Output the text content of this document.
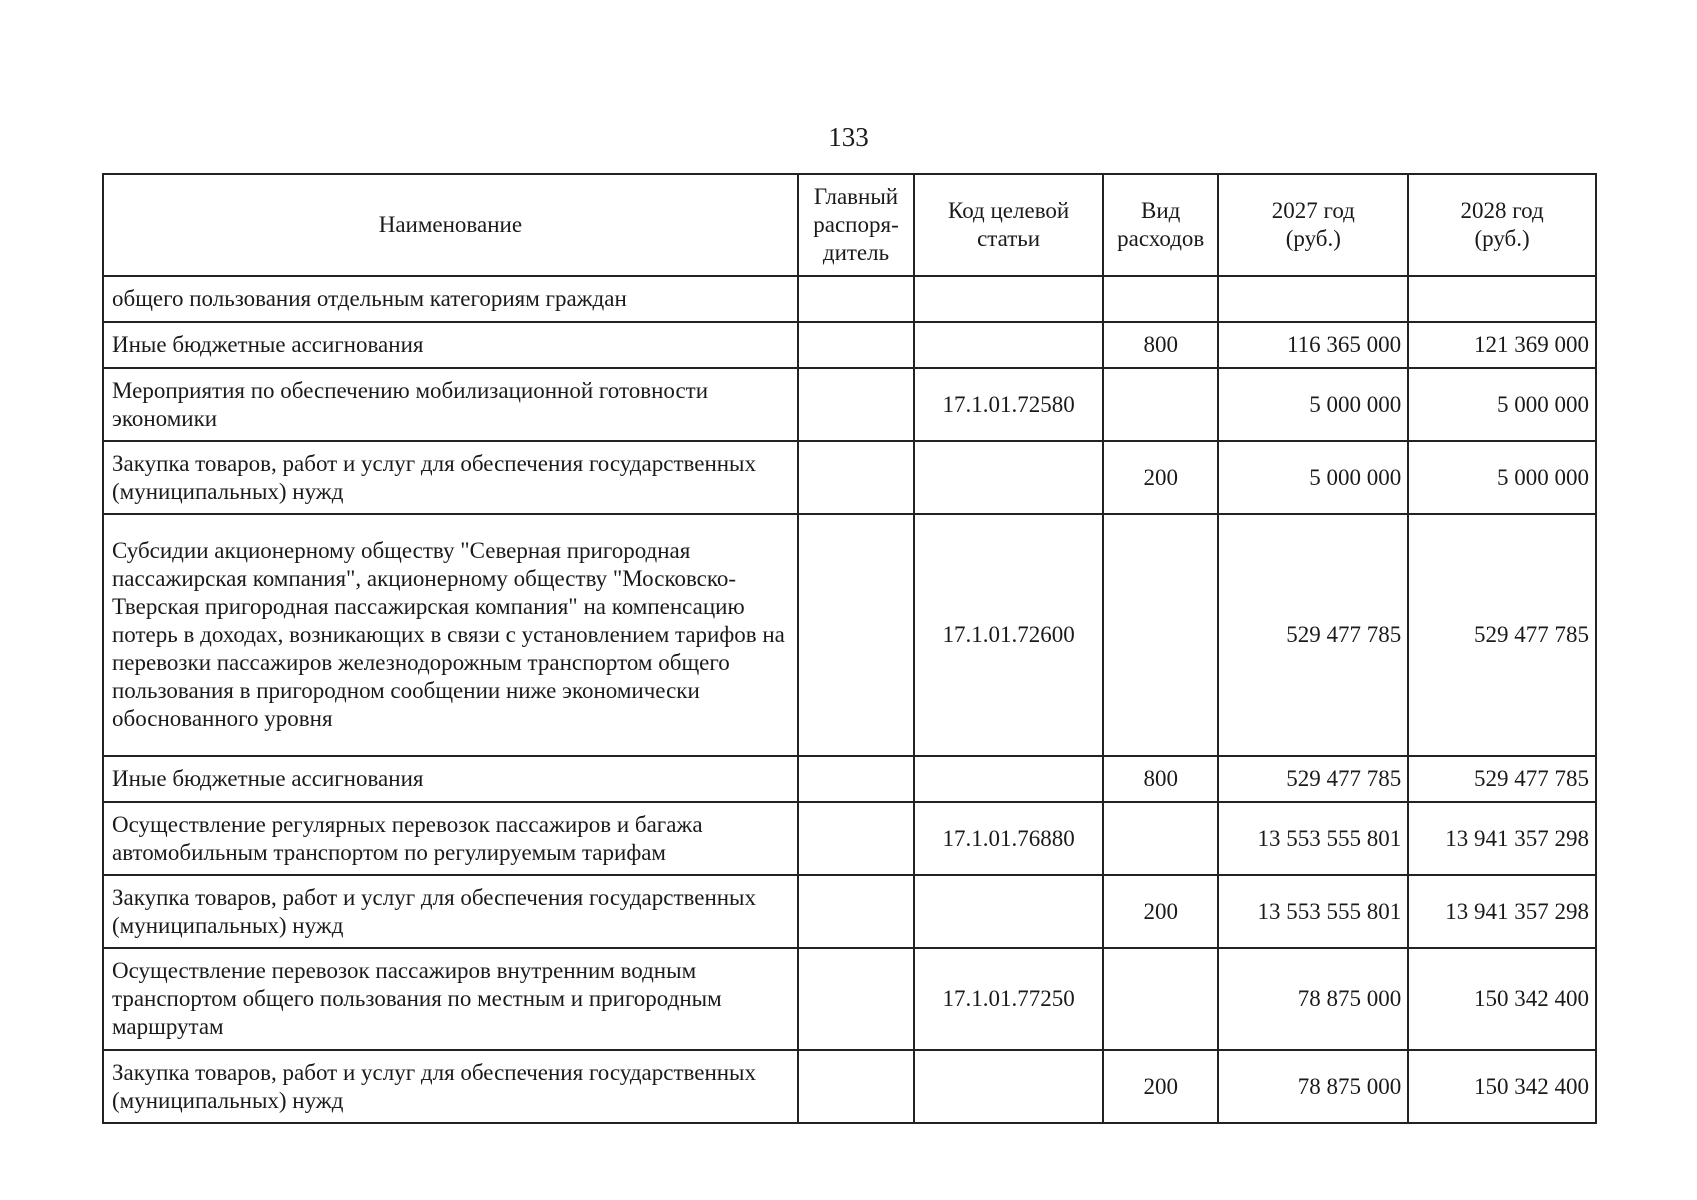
133
Наименование	Главный распоря-дитель	Код целевой статьи	Вид расходов	2027 год (руб.)	2028 год (руб.)
общего пользования отдельным категориям граждан					
Иные бюджетные ассигнования			800	116 365 000	121 369 000
Мероприятия по обеспечению мобилизационной готовности экономики		17.1.01.72580		5 000 000	5 000 000
Закупка товаров, работ и услуг для обеспечения государственных (муниципальных) нужд			200	5 000 000	5 000 000
Субсидии акционерному обществу "Северная пригородная пассажирская компания", акционерному обществу "Московско-Тверская пригородная пассажирская компания" на компенсацию потерь в доходах, возникающих в связи с установлением тарифов на перевозки пассажиров железнодорожным транспортом общего пользования в пригородном сообщении ниже экономически обоснованного уровня		17.1.01.72600		529 477 785	529 477 785
Иные бюджетные ассигнования			800	529 477 785	529 477 785
Осуществление регулярных перевозок пассажиров и багажа автомобильным транспортом по регулируемым тарифам		17.1.01.76880		13 553 555 801	13 941 357 298
Закупка товаров, работ и услуг для обеспечения государственных (муниципальных) нужд			200	13 553 555 801	13 941 357 298
Осуществление перевозок пассажиров внутренним водным транспортом общего пользования по местным и пригородным маршрутам		17.1.01.77250		78 875 000	150 342 400
Закупка товаров, работ и услуг для обеспечения государственных (муниципальных) нужд			200	78 875 000	150 342 400
